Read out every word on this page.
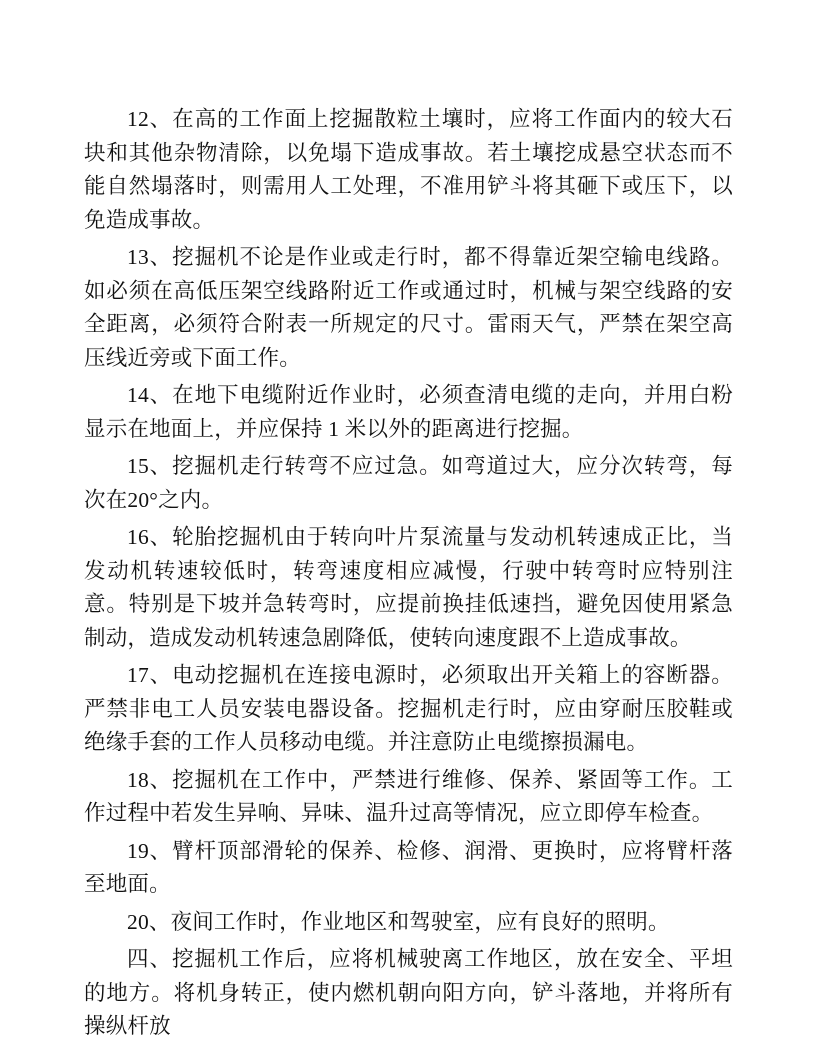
12、在高的工作面上挖掘散粒土壤时，应将工作面内的较大石块和其他杂物清除，以免塌下造成事故。若土壤挖成悬空状态而不能自然塌落时，则需用人工处理，不准用铲斗将其砸下或压下，以免造成事故。

13、挖掘机不论是作业或走行时，都不得靠近架空输电线路。如必须在高低压架空线路附近工作或通过时，机械与架空线路的安全距离，必须符合附表一所规定的尺寸。雷雨天气，严禁在架空高压线近旁或下面工作。

14、在地下电缆附近作业时，必须查清电缆的走向，并用白粉显示在地面上，并应保持 1 米以外的距离进行挖掘。

15、挖掘机走行转弯不应过急。如弯道过大，应分次转弯，每次在20°之内。

16、轮胎挖掘机由于转向叶片泵流量与发动机转速成正比，当发动机转速较低时，转弯速度相应减慢，行驶中转弯时应特别注意。特别是下坡并急转弯时，应提前换挂低速挡，避免因使用紧急制动，造成发动机转速急剧降低，使转向速度跟不上造成事故。

17、电动挖掘机在连接电源时，必须取出开关箱上的容断器。严禁非电工人员安装电器设备。挖掘机走行时，应由穿耐压胶鞋或绝缘手套的工作人员移动电缆。并注意防止电缆擦损漏电。

18、挖掘机在工作中，严禁进行维修、保养、紧固等工作。工作过程中若发生异响、异味、温升过高等情况，应立即停车检查。

19、臂杆顶部滑轮的保养、检修、润滑、更换时，应将臂杆落至地面。

20、夜间工作时，作业地区和驾驶室，应有良好的照明。

四、挖掘机工作后，应将机械驶离工作地区，放在安全、平坦的地方。将机身转正，使内燃机朝向阳方向，铲斗落地，并将所有操纵杆放
